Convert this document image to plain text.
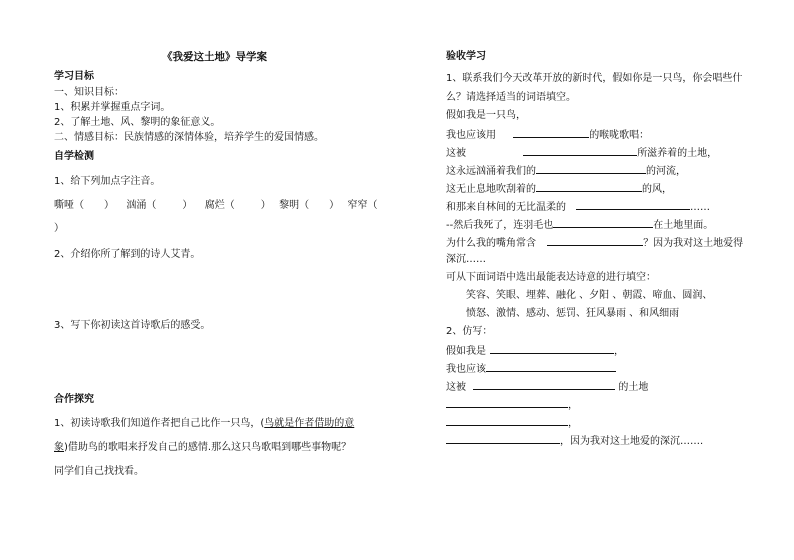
《我爱这土地》导学案
学习目标
一、知识目标：
1、积累并掌握重点字词。
2、了解土地、风、黎明的象征意义。
二、情感目标：民族情感的深情体验，培养学生的爱国情感。
自学检测
1、给下列加点字注音。
嘶哑（ ） 汹涌（	） 腐烂（	） 黎明（ ） 窄窄（
）
2、介绍你所了解到的诗人艾青。
3、写下你初读这首诗歌后的感受。
合作探究
1、初读诗歌我们知道作者把自己比作一只鸟，(鸟就是作者借助的意
象)借助鸟的歌唱来抒发自己的感情.那么这只鸟歌唱到哪些事物呢？
同学们自己找找看。
验收学习
1、联系我们今天改革开放的新时代，假如你是一只鸟，你会唱些什
么？请选择适当的词语填空。
假如我是一只鸟，
我也应该用	的喉咙歌唱：
这被	所滋养着的土地，
这永远汹涌着我们的	的河流，
这无止息地吹刮着的	的风，
和那来自林间的无比温柔的	……
--然后我死了，连羽毛也	在土地里面。
为什么我的嘴角常含	？因为我对这土地爱得
深沉……
可从下面词语中选出最能表达诗意的进行填空：
笑容、笑眼、埋葬、融化 、夕阳 、朝霞、啼血、圆润、
愤怒、激情、感动、惩罚、狂风暴雨 、和风细雨
2、仿写：
假如我是	，
我也应该
这被	的土地
，
，
，因为我对这土地爱的深沉…….
